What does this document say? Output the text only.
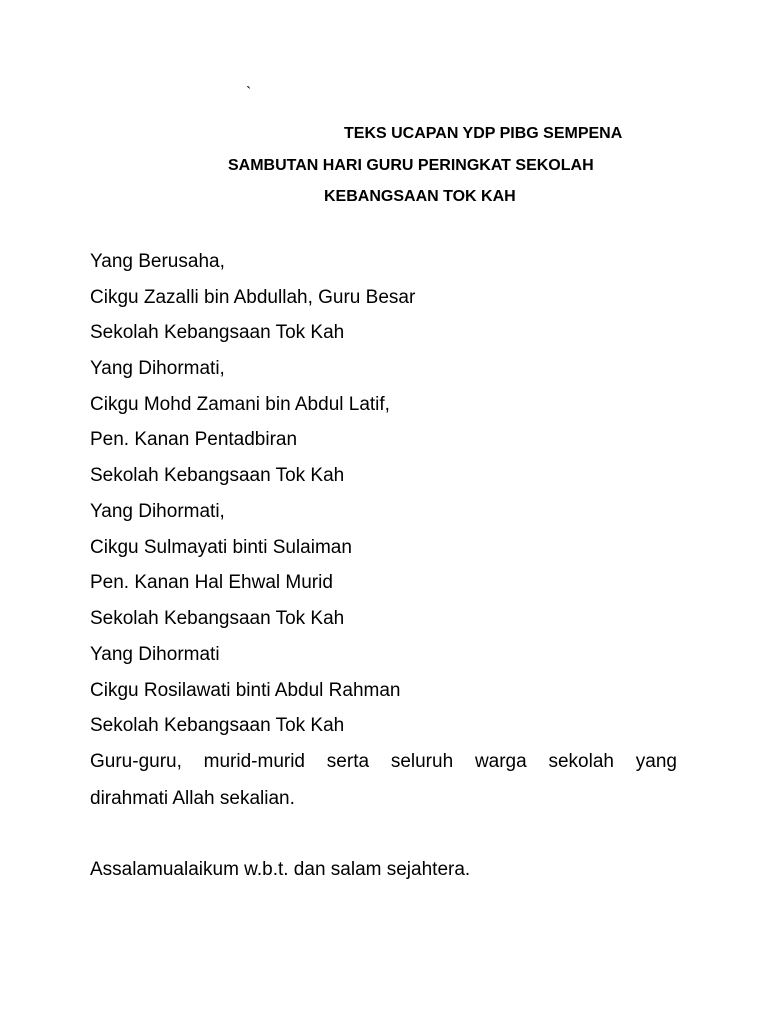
`
TEKS UCAPAN YDP PIBG SEMPENA
SAMBUTAN HARI GURU PERINGKAT SEKOLAH
KEBANGSAAN TOK KAH
Yang Berusaha,
Cikgu Zazalli bin Abdullah, Guru Besar
Sekolah Kebangsaan Tok Kah
Yang Dihormati,
Cikgu Mohd Zamani bin Abdul Latif,
Pen. Kanan Pentadbiran
Sekolah Kebangsaan Tok Kah
Yang Dihormati,
Cikgu Sulmayati binti Sulaiman
Pen. Kanan Hal Ehwal Murid
Sekolah Kebangsaan Tok Kah
Yang Dihormati
Cikgu Rosilawati binti Abdul Rahman
Sekolah Kebangsaan Tok Kah
Guru-guru, murid-murid serta seluruh warga sekolah yang
dirahmati Allah sekalian.
Assalamualaikum w.b.t. dan salam sejahtera.
